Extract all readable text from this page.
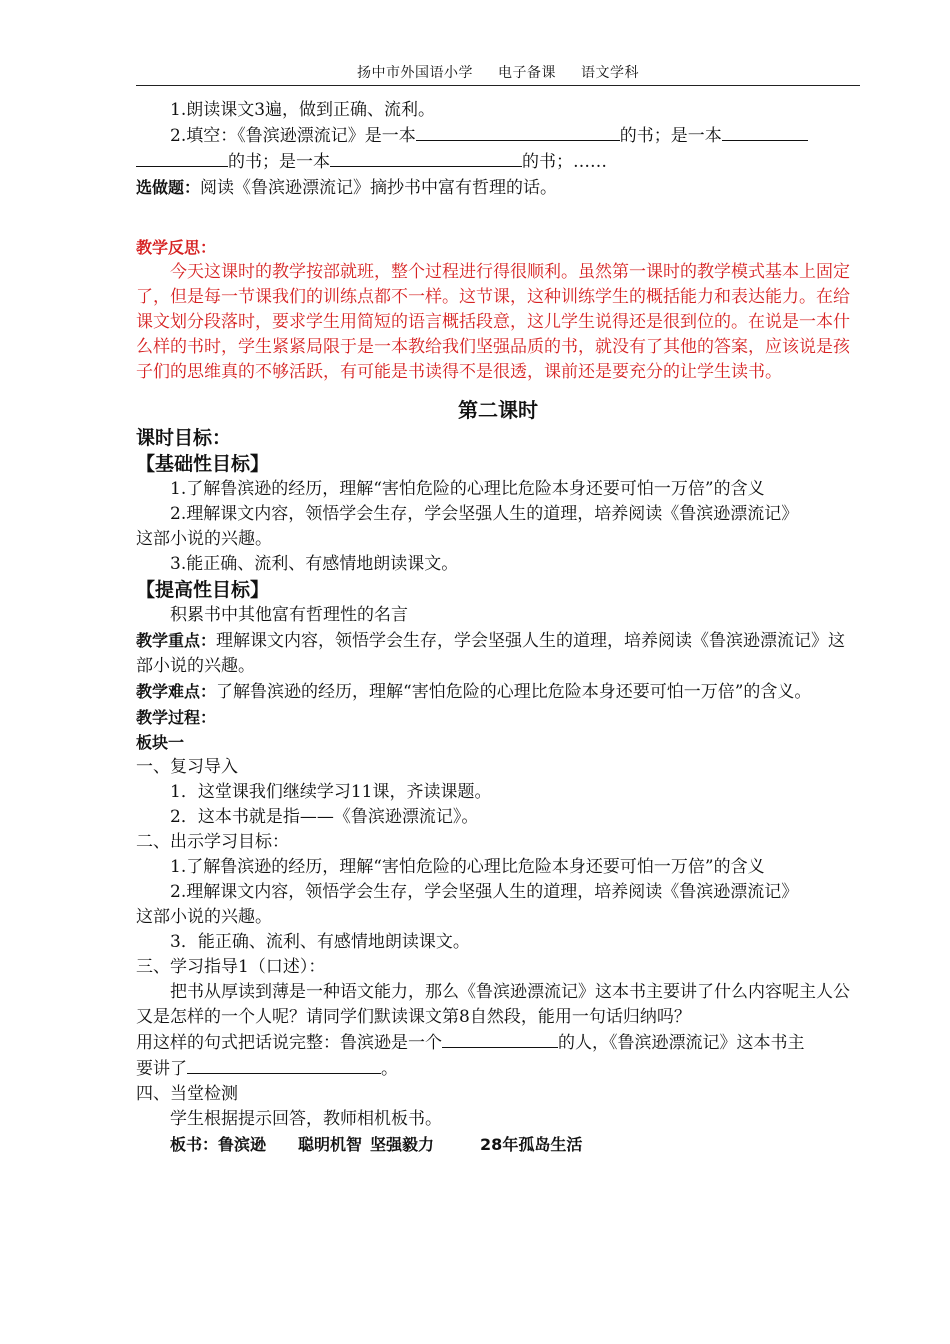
扬中市外国语小学 电子备课 语文学科

1.朗读课文3遍，做到正确、流利。

2.填空：《鲁滨逊漂流记》是一本	的书；是一本

的书；是一本	的书；……

选做题：阅读《鲁滨逊漂流记》摘抄书中富有哲理的话。

教学反思：

今天这课时的教学按部就班，整个过程进行得很顺利。虽然第一课时的教学模式基本上固定了，但是每一节课我们的训练点都不一样。这节课，这种训练学生的概括能力和表达能力。在给课文划分段落时，要求学生用简短的语言概括段意，这儿学生说得还是很到位的。在说是一本什么样的书时，学生紧紧局限于是一本教给我们坚强品质的书，就没有了其他的答案，应该说是孩子们的思维真的不够活跃，有可能是书读得不是很透，课前还是要充分的让学生读书。

第二课时

课时目标：

【基础性目标】

1.了解鲁滨逊的经历，理解“害怕危险的心理比危险本身还要可怕一万倍”的含义

2.理解课文内容，领悟学会生存，学会坚强人生的道理，培养阅读《鲁滨逊漂流记》

这部小说的兴趣。

3.能正确、流利、有感情地朗读课文。

【提高性目标】

积累书中其他富有哲理性的名言

教学重点：理解课文内容，领悟学会生存，学会坚强人生的道理，培养阅读《鲁滨逊漂流记》这部小说的兴趣。

教学难点：了解鲁滨逊的经历，理解“害怕危险的心理比危险本身还要可怕一万倍”的含义。

教学过程：

板块一

一、复习导入

1．这堂课我们继续学习11课，齐读课题。

2．这本书就是指——《鲁滨逊漂流记》。

二、出示学习目标：

1.了解鲁滨逊的经历，理解“害怕危险的心理比危险本身还要可怕一万倍”的含义

2.理解课文内容，领悟学会生存，学会坚强人生的道理，培养阅读《鲁滨逊漂流记》

这部小说的兴趣。

3．能正确、流利、有感情地朗读课文。

三、学习指导1（口述）：

把书从厚读到薄是一种语文能力，那么《鲁滨逊漂流记》这本书主要讲了什么内容呢主人公又是怎样的一个人呢？请同学们默读课文第8自然段，能用一句话归纳吗？

用这样的句式把话说完整：鲁滨逊是一个	的人，《鲁滨逊漂流记》这本书主

要讲了	。

四、当堂检测

学生根据提示回答，教师相机板书。

板书：鲁滨逊 聪明机智 坚强毅力	28年孤岛生活
